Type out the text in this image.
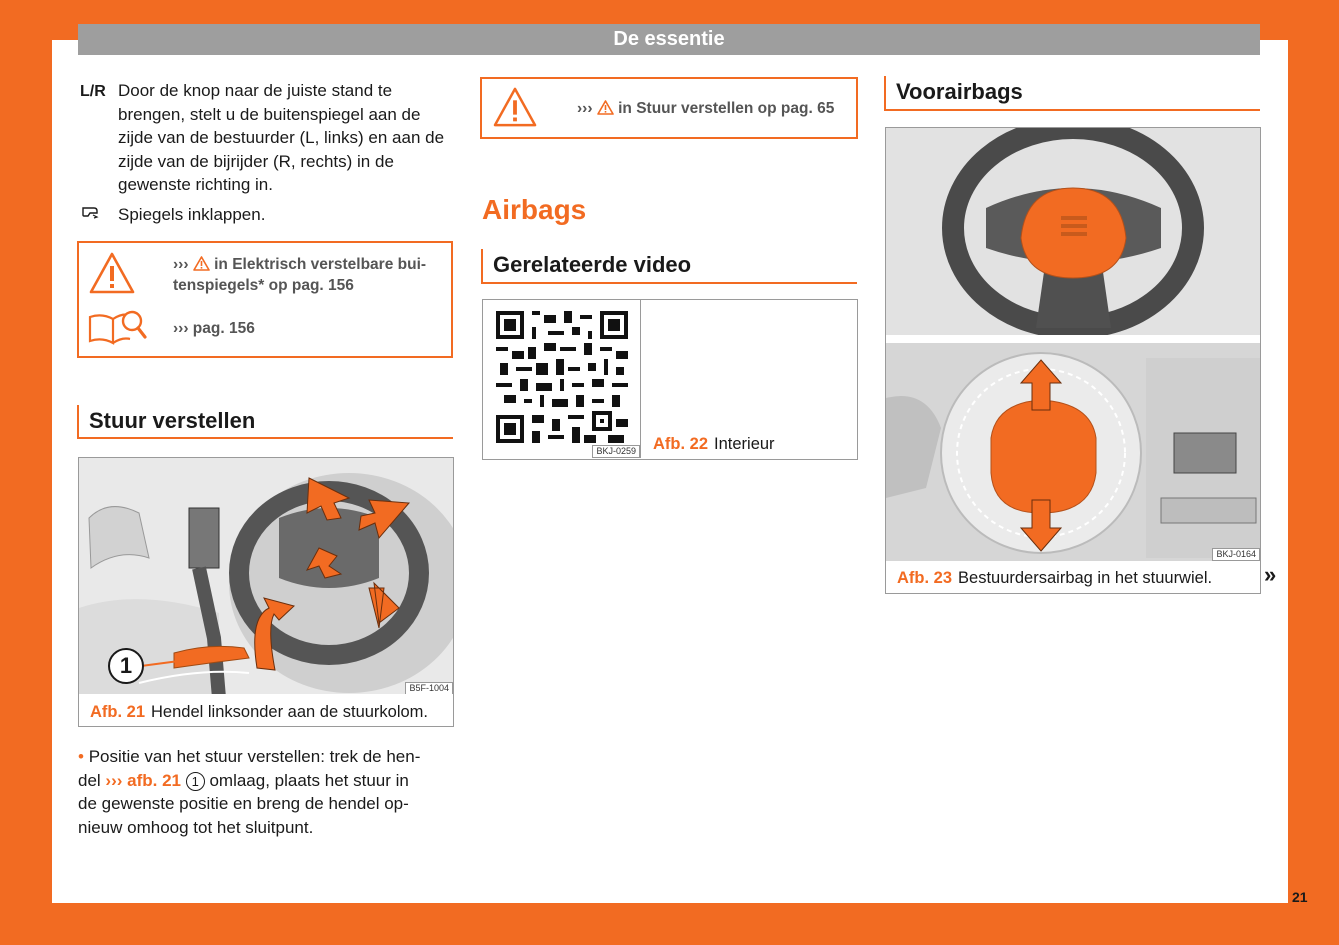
De essentie
L/R Door de knop naar de juiste stand te brengen, stelt u de buitenspiegel aan de zijde van de bestuurder (L, links) en aan de zijde van de bijrijder (R, rechts) in de gewenste richting in.
Spiegels inklappen.
››› in Elektrisch verstelbare bui-
tenspiegels* op pag. 156
››› pag. 156
Stuur verstellen
1
B5F-1004
Afb. 21 Hendel linksonder aan de stuurkolom.
• Positie van het stuur verstellen: trek de hen-
del ››› afb. 21 1 omlaag, plaats het stuur in
de gewenste positie en breng de hendel op-
nieuw omhoog tot het sluitpunt.
››› in Stuur verstellen op pag. 65
Airbags
Gerelateerde video
BKJ-0259 Afb. 22 Interieur
Voorairbags
BKJ-0164
Afb. 23 Bestuurdersairbag in het stuurwiel. »
21
